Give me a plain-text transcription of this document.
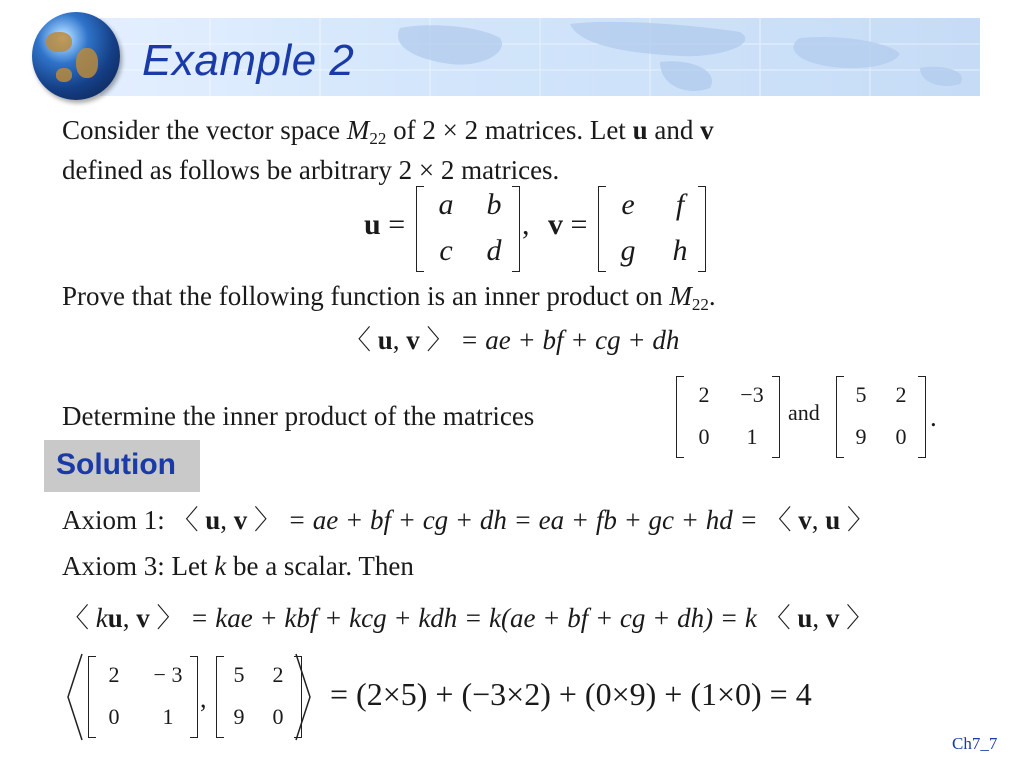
Example 2
Consider the vector space $M_{22}$ of 2 × 2 matrices. Let u and v
defined as follows be arbitrary 2 × 2 matrices.
u =
a	b
c	d
, v =
e	f
g	h
Prove that the following function is an inner product on $M_{22}$.
〈 u, v 〉 = ae + bf + cg + dh
Determine the inner product of the matrices
2	−3
0	1
and
5	2
9	0
.
Solution
Axiom 1: 〈 u, v 〉 = ae + bf + cg + dh = ea + fb + gc + hd = 〈 v, u 〉
Axiom 3: Let k be a scalar. Then
〈 ku, v 〉 = kae + kbf + kcg + kdh = k(ae + bf + cg + dh) = k 〈 u, v 〉
2	− 3
0	1
,
5	2
9	0
= (2×5) + (−3×2) + (0×9) + (1×0) = 4
Ch7_7
